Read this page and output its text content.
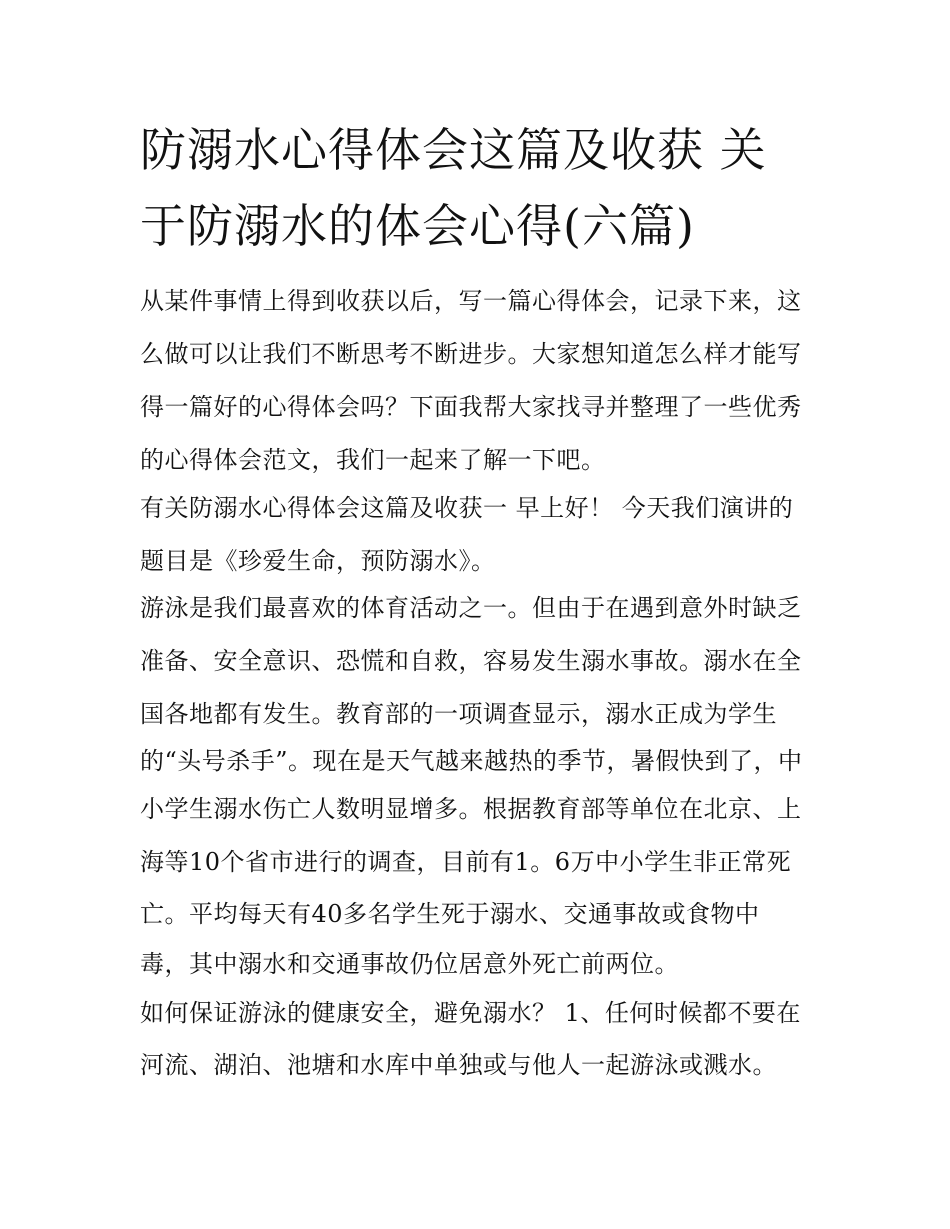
防溺水心得体会这篇及收获 关
于防溺水的体会心得(六篇)

从某件事情上得到收获以后，写一篇心得体会，记录下来，这

么做可以让我们不断思考不断进步。大家想知道怎么样才能写

得一篇好的心得体会吗？下面我帮大家找寻并整理了一些优秀

的心得体会范文，我们一起来了解一下吧。

有关防溺水心得体会这篇及收获一 早上好！ 今天我们演讲的

题目是《珍爱生命，预防溺水》。

游泳是我们最喜欢的体育活动之一。但由于在遇到意外时缺乏

准备、安全意识、恐慌和自救，容易发生溺水事故。溺水在全

国各地都有发生。教育部的一项调查显示，溺水正成为学生

的“头号杀手”。现在是天气越来越热的季节，暑假快到了，中

小学生溺水伤亡人数明显增多。根据教育部等单位在北京、上

海等10个省市进行的调查，目前有1。6万中小学生非正常死

亡。平均每天有40多名学生死于溺水、交通事故或食物中

毒，其中溺水和交通事故仍位居意外死亡前两位。

如何保证游泳的健康安全，避免溺水？ 1、任何时候都不要在

河流、湖泊、池塘和水库中单独或与他人一起游泳或溅水。
